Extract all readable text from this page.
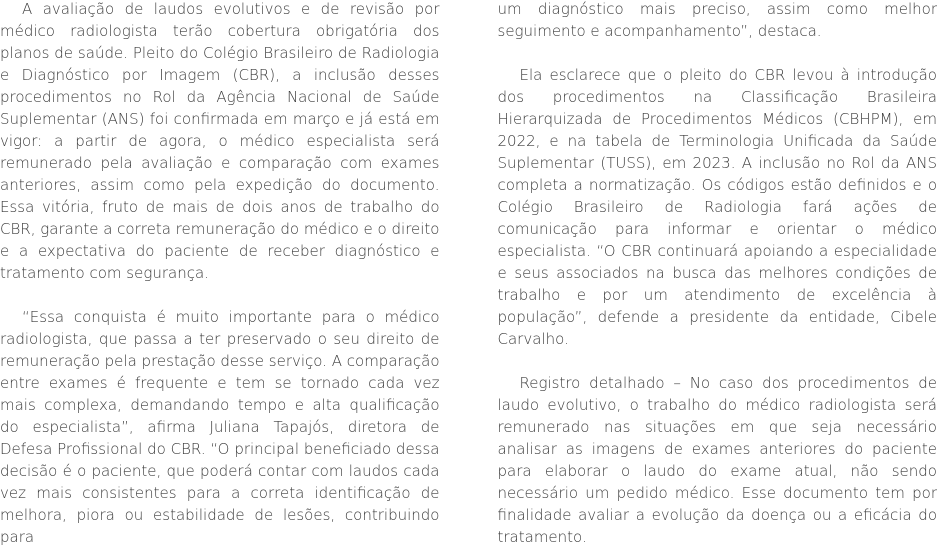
A avaliação de laudos evolutivos e de revisão por médico radiologista terão cobertura obrigatória dos planos de saúde. Pleito do Colégio Brasileiro de Radiologia e Diagnóstico por Imagem (CBR), a inclusão desses procedimentos no Rol da Agência Nacional de Saúde Suplementar (ANS) foi confirmada em março e já está em vigor: a partir de agora, o médico especialista será remunerado pela avaliação e comparação com exames anteriores, assim como pela expedição do documento. Essa vitória, fruto de mais de dois anos de trabalho do CBR, garante a correta remuneração do médico e o direito e a expectativa do paciente de receber diagnóstico e tratamento com segurança.

“Essa conquista é muito importante para o médico radiologista, que passa a ter preservado o seu direito de remuneração pela prestação desse serviço. A comparação entre exames é frequente e tem se tornado cada vez mais complexa, demandando tempo e alta qualificação do especialista”, afirma Juliana Tapajós, diretora de Defesa Profissional do CBR. “O principal beneficiado dessa decisão é o paciente, que poderá contar com laudos cada vez mais consistentes para a correta identificação de melhora, piora ou estabilidade de lesões, contribuindo para

um diagnóstico mais preciso, assim como melhor seguimento e acompanhamento”, destaca.

Ela esclarece que o pleito do CBR levou à introdução dos procedimentos na Classificação Brasileira Hierarquizada de Procedimentos Médicos (CBHPM), em 2022, e na tabela de Terminologia Unificada da Saúde Suplementar (TUSS), em 2023. A inclusão no Rol da ANS completa a normatização. Os códigos estão definidos e o Colégio Brasileiro de Radiologia fará ações de comunicação para informar e orientar o médico especialista. “O CBR continuará apoiando a especialidade e seus associados na busca das melhores condições de trabalho e por um atendimento de excelência à população”, defende a presidente da entidade, Cibele Carvalho.

Registro detalhado – No caso dos procedimentos de laudo evolutivo, o trabalho do médico radiologista será remunerado nas situações em que seja necessário analisar as imagens de exames anteriores do paciente para elaborar o laudo do exame atual, não sendo necessário um pedido médico. Esse documento tem por finalidade avaliar a evolução da doença ou a eficácia do tratamento.
